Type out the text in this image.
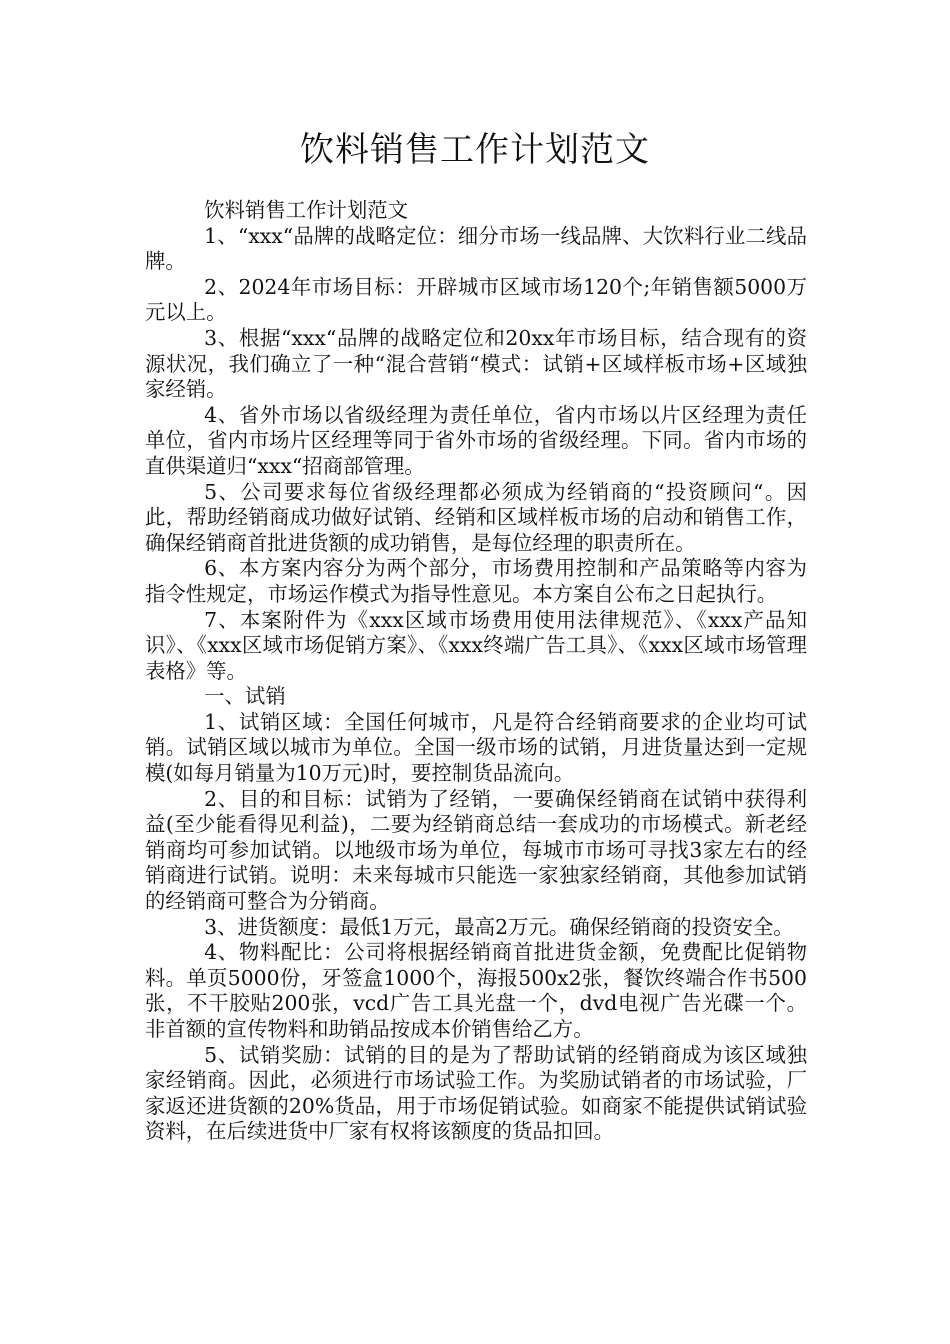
饮料销售工作计划范文

饮料销售工作计划范文

1、“xxx“品牌的战略定位：细分市场一线品牌、大饮料行业二线品牌。

2、2024年市场目标：开辟城市区域市场120个;年销售额5000万元以上。

3、根据“xxx“品牌的战略定位和20xx年市场目标，结合现有的资源状况，我们确立了一种“混合营销“模式：试销+区域样板市场+区域独家经销。

4、省外市场以省级经理为责任单位，省内市场以片区经理为责任单位，省内市场片区经理等同于省外市场的省级经理。下同。省内市场的直供渠道归“xxx“招商部管理。

5、公司要求每位省级经理都必须成为经销商的“投资顾问“。因此，帮助经销商成功做好试销、经销和区域样板市场的启动和销售工作，确保经销商首批进货额的成功销售，是每位经理的职责所在。

6、本方案内容分为两个部分，市场费用控制和产品策略等内容为指令性规定，市场运作模式为指导性意见。本方案自公布之日起执行。

7、本案附件为《xxx区域市场费用使用法律规范》、《xxx产品知识》、《xxx区域市场促销方案》、《xxx终端广告工具》、《xxx区域市场管理表格》等。

一、试销

1、试销区域：全国任何城市，凡是符合经销商要求的企业均可试销。试销区域以城市为单位。全国一级市场的试销，月进货量达到一定规模(如每月销量为10万元)时，要控制货品流向。

2、目的和目标：试销为了经销，一要确保经销商在试销中获得利益(至少能看得见利益)，二要为经销商总结一套成功的市场模式。新老经销商均可参加试销。以地级市场为单位，每城市市场可寻找3家左右的经销商进行试销。说明：未来每城市只能选一家独家经销商，其他参加试销的经销商可整合为分销商。

3、进货额度：最低1万元，最高2万元。确保经销商的投资安全。

4、物料配比：公司将根据经销商首批进货金额，免费配比促销物料。单页5000份，牙签盒1000个，海报500x2张，餐饮终端合作书500张，不干胶贴200张，vcd广告工具光盘一个，dvd电视广告光碟一个。非首额的宣传物料和助销品按成本价销售给乙方。

5、试销奖励：试销的目的是为了帮助试销的经销商成为该区域独家经销商。因此，必须进行市场试验工作。为奖励试销者的市场试验，厂家返还进货额的20%货品，用于市场促销试验。如商家不能提供试销试验资料，在后续进货中厂家有权将该额度的货品扣回。
